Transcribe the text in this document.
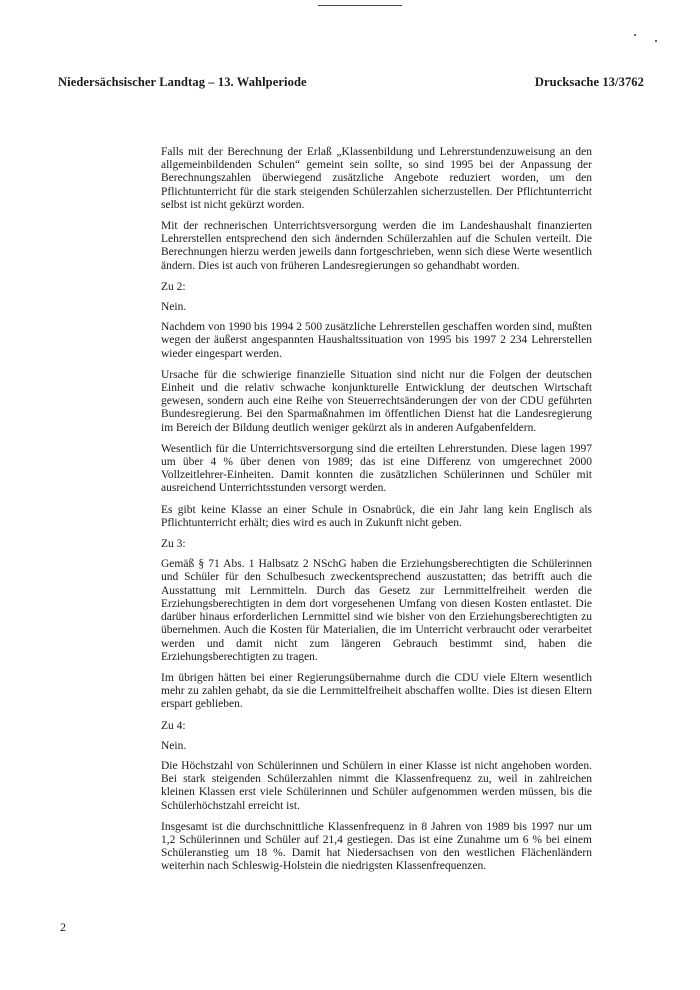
Niedersächsischer Landtag – 13. Wahlperiode	Drucksache 13/3762

Falls mit der Berechnung der Erlaß „Klassenbildung und Lehrerstundenzuweisung an den allgemeinbildenden Schulen“ gemeint sein sollte, so sind 1995 bei der Anpassung der Berechnungszahlen überwiegend zusätzliche Angebote reduziert worden, um den Pflichtunterricht für die stark steigenden Schülerzahlen sicherzustellen. Der Pflichtunterricht selbst ist nicht gekürzt worden.

Mit der rechnerischen Unterrichtsversorgung werden die im Landeshaushalt finanzierten Lehrerstellen entsprechend den sich ändernden Schülerzahlen auf die Schulen verteilt. Die Berechnungen hierzu werden jeweils dann fortgeschrieben, wenn sich diese Werte wesentlich ändern. Dies ist auch von früheren Landesregierungen so gehandhabt worden.

Zu 2:

Nein.

Nachdem von 1990 bis 1994 2 500 zusätzliche Lehrerstellen geschaffen worden sind, mußten wegen der äußerst angespannten Haushaltssituation von 1995 bis 1997 2 234 Lehrerstellen wieder eingespart werden.

Ursache für die schwierige finanzielle Situation sind nicht nur die Folgen der deutschen Einheit und die relativ schwache konjunkturelle Entwicklung der deutschen Wirtschaft gewesen, sondern auch eine Reihe von Steuerrechtsänderungen der von der CDU geführten Bundesregierung. Bei den Sparmaßnahmen im öffentlichen Dienst hat die Landesregierung im Bereich der Bildung deutlich weniger gekürzt als in anderen Aufgabenfeldern.

Wesentlich für die Unterrichtsversorgung sind die erteilten Lehrerstunden. Diese lagen 1997 um über 4 % über denen von 1989; das ist eine Differenz von umgerechnet 2000 Vollzeitlehrer-Einheiten. Damit konnten die zusätzlichen Schülerinnen und Schüler mit ausreichend Unterrichtsstunden versorgt werden.

Es gibt keine Klasse an einer Schule in Osnabrück, die ein Jahr lang kein Englisch als Pflichtunterricht erhält; dies wird es auch in Zukunft nicht geben.

Zu 3:

Gemäß § 71 Abs. 1 Halbsatz 2 NSchG haben die Erziehungsberechtigten die Schülerinnen und Schüler für den Schulbesuch zweckentsprechend auszustatten; das betrifft auch die Ausstattung mit Lernmitteln. Durch das Gesetz zur Lernmittelfreiheit werden die Erziehungsberechtigten in dem dort vorgesehenen Umfang von diesen Kosten entlastet. Die darüber hinaus erforderlichen Lernmittel sind wie bisher von den Erziehungsberechtigten zu übernehmen. Auch die Kosten für Materialien, die im Unterricht verbraucht oder verarbeitet werden und damit nicht zum längeren Gebrauch bestimmt sind, haben die Erziehungsberechtigten zu tragen.

Im übrigen hätten bei einer Regierungsübernahme durch die CDU viele Eltern wesentlich mehr zu zahlen gehabt, da sie die Lernmittelfreiheit abschaffen wollte. Dies ist diesen Eltern erspart geblieben.

Zu 4:

Nein.

Die Höchstzahl von Schülerinnen und Schülern in einer Klasse ist nicht angehoben worden. Bei stark steigenden Schülerzahlen nimmt die Klassenfrequenz zu, weil in zahlreichen kleinen Klassen erst viele Schülerinnen und Schüler aufgenommen werden müssen, bis die Schülerhöchstzahl erreicht ist.

Insgesamt ist die durchschnittliche Klassenfrequenz in 8 Jahren von 1989 bis 1997 nur um 1,2 Schülerinnen und Schüler auf 21,4 gestiegen. Das ist eine Zunahme um 6 % bei einem Schüleranstieg um 18 %. Damit hat Niedersachsen von den westlichen Flächenländern weiterhin nach Schleswig-Holstein die niedrigsten Klassenfrequenzen.

2
